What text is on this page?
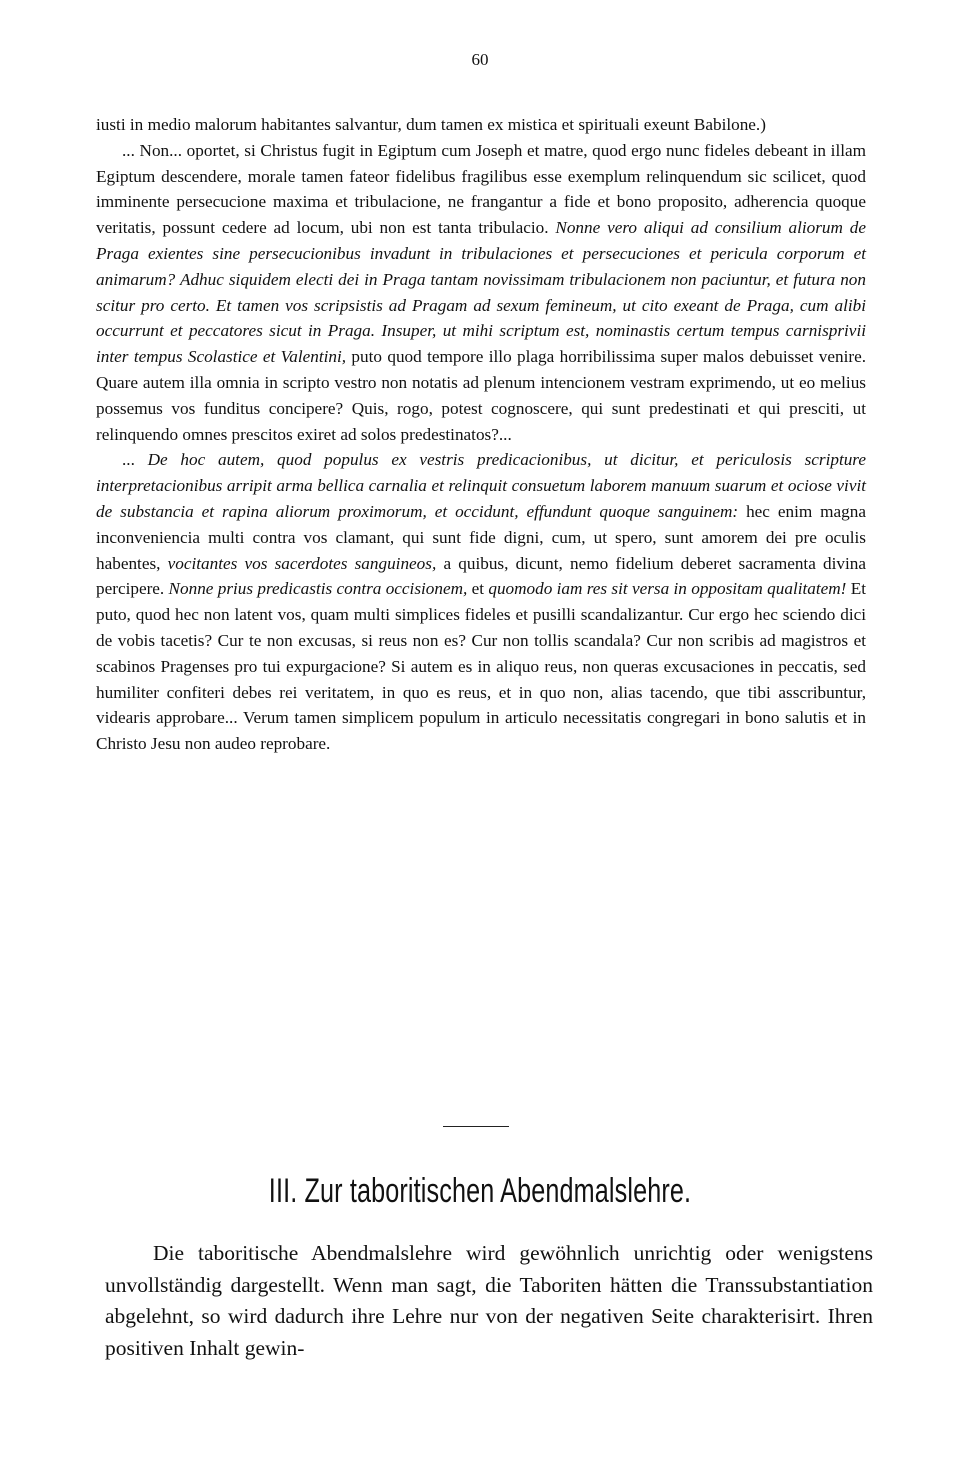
60

iusti in medio malorum habitantes salvantur, dum tamen ex mistica et spirituali exeunt Babilone.)

... Non... oportet, si Christus fugit in Egiptum cum Joseph et matre, quod ergo nunc fideles debeant in illam Egiptum descendere, morale tamen fateor fidelibus fragilibus esse exemplum relinquendum sic scilicet, quod imminente persecucione maxima et tribulacione, ne frangantur a fide et bono proposito, adherencia quoque veritatis, possunt cedere ad locum, ubi non est tanta tribulacio. Nonne vero aliqui ad consilium aliorum de Praga exientes sine persecucionibus invadunt in tribulaciones et persecuciones et pericula corporum et animarum? Adhuc siquidem electi dei in Praga tantam novissimam tribulacionem non paciuntur, et futura non scitur pro certo. Et tamen vos scripsistis ad Pragam ad sexum femineum, ut cito exeant de Praga, cum alibi occurrunt et peccatores sicut in Praga. Insuper, ut mihi scriptum est, nominastis certum tempus carnisprivii inter tempus Scolastice et Valentini, puto quod tempore illo plaga horribilissima super malos debuisset venire. Quare autem illa omnia in scripto vestro non notatis ad plenum intencionem vestram exprimendo, ut eo melius possemus vos funditus concipere? Quis, rogo, potest cognoscere, qui sunt predestinati et qui presciti, ut relinquendo omnes prescitos exiret ad solos predestinatos?...

... De hoc autem, quod populus ex vestris predicacionibus, ut dicitur, et periculosis scripture interpretacionibus arripit arma bellica carnalia et relinquit consuetum laborem manuum suarum et ociose vivit de substancia et rapina aliorum proximorum, et occidunt, effundunt quoque sanguinem: hec enim magna inconveniencia multi contra vos clamant, qui sunt fide digni, cum, ut spero, sunt amorem dei pre oculis habentes, vocitantes vos sacerdotes sanguineos, a quibus, dicunt, nemo fidelium deberet sacramenta divina percipere. Nonne prius predicastis contra occisionem, et quomodo iam res sit versa in oppositam qualitatem! Et puto, quod hec non latent vos, quam multi simplices fideles et pusilli scandalizantur. Cur ergo hec sciendo dici de vobis tacetis? Cur te non excusas, si reus non es? Cur non tollis scandala? Cur non scribis ad magistros et scabinos Pragenses pro tui expurgacione? Si autem es in aliquo reus, non queras excusaciones in peccatis, sed humiliter confiteri debes rei veritatem, in quo es reus, et in quo non, alias tacendo, que tibi asscribuntur, videaris approbare... Verum tamen simplicem populum in articulo necessitatis congregari in bono salutis et in Christo Jesu non audeo reprobare.

III. Zur taboritischen Abendmalslehre.

Die taboritische Abendmalslehre wird gewöhnlich unrichtig oder wenigstens unvollständig dargestellt. Wenn man sagt, die Taboriten hätten die Transsubstantiation abgelehnt, so wird dadurch ihre Lehre nur von der negativen Seite charakterisirt. Ihren positiven Inhalt gewin-
